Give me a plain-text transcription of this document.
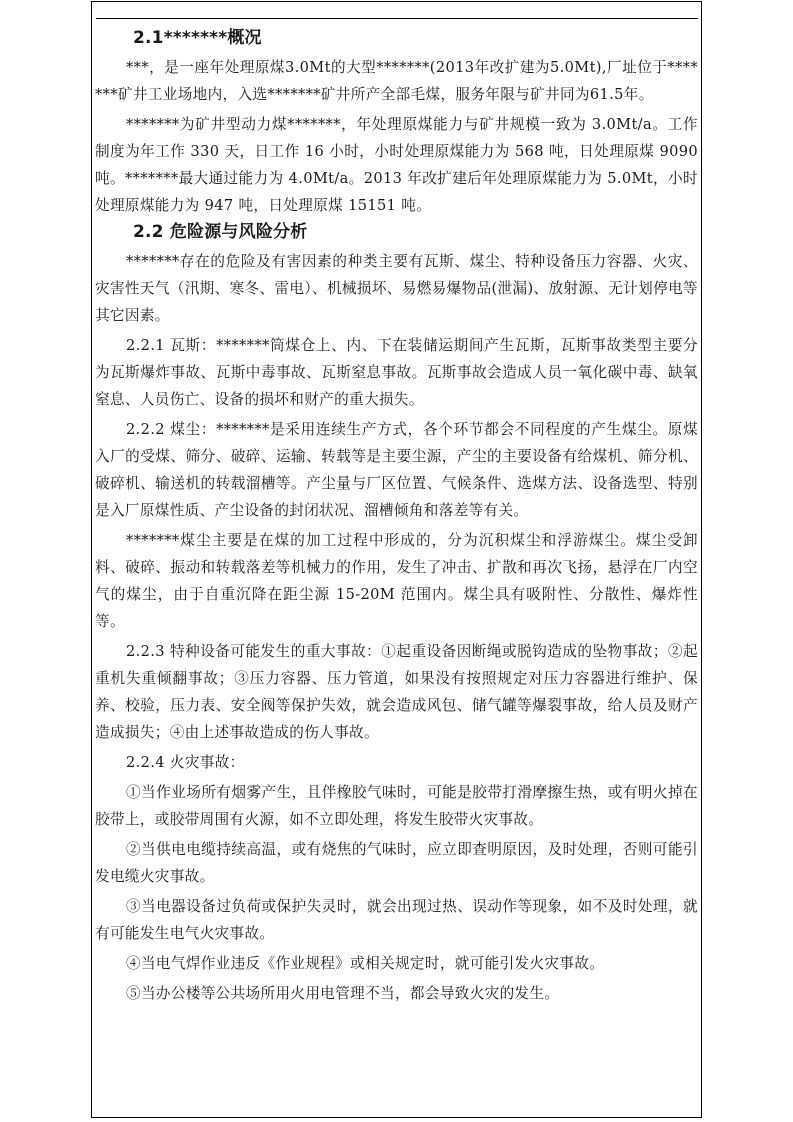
2.1*******概况

***，是一座年处理原煤3.0Mt的大型*******(2013年改扩建为5.0Mt),厂址位于*******矿井工业场地内，入选*******矿井所产全部毛煤，服务年限与矿井同为61.5年。

*******为矿井型动力煤*******，年处理原煤能力与矿井规模一致为 3.0Mt/a。工作制度为年工作 330 天，日工作 16 小时，小时处理原煤能力为 568 吨，日处理原煤 9090 吨。*******最大通过能力为 4.0Mt/a。2013 年改扩建后年处理原煤能力为 5.0Mt，小时处理原煤能力为 947 吨，日处理原煤 15151 吨。

2.2 危险源与风险分析

*******存在的危险及有害因素的种类主要有瓦斯、煤尘、特种设备压力容器、火灾、灾害性天气（汛期、寒冬、雷电）、机械损坏、易燃易爆物品(泄漏)、放射源、无计划停电等其它因素。

2.2.1 瓦斯：*******筒煤仓上、内、下在装储运期间产生瓦斯，瓦斯事故类型主要分为瓦斯爆炸事故、瓦斯中毒事故、瓦斯窒息事故。瓦斯事故会造成人员一氧化碳中毒、缺氧窒息、人员伤亡、设备的损坏和财产的重大损失。

2.2.2 煤尘：*******是采用连续生产方式，各个环节都会不同程度的产生煤尘。原煤入厂的受煤、筛分、破碎、运输、转载等是主要尘源，产尘的主要设备有给煤机、筛分机、破碎机、输送机的转载溜槽等。产尘量与厂区位置、气候条件、选煤方法、设备选型、特别是入厂原煤性质、产尘设备的封闭状况、溜槽倾角和落差等有关。

*******煤尘主要是在煤的加工过程中形成的，分为沉积煤尘和浮游煤尘。煤尘受卸料、破碎、振动和转载落差等机械力的作用，发生了冲击、扩散和再次飞扬，悬浮在厂内空气的煤尘，由于自重沉降在距尘源 15-20M 范围内。煤尘具有吸附性、分散性、爆炸性等。

2.2.3 特种设备可能发生的重大事故：①起重设备因断绳或脱钩造成的坠物事故；②起重机失重倾翻事故；③压力容器、压力管道，如果没有按照规定对压力容器进行维护、保养、校验，压力表、安全阀等保护失效，就会造成风包、储气罐等爆裂事故，给人员及财产造成损失；④由上述事故造成的伤人事故。

2.2.4 火灾事故：

①当作业场所有烟雾产生，且伴橡胶气味时，可能是胶带打滑摩擦生热，或有明火掉在胶带上，或胶带周围有火源，如不立即处理，将发生胶带火灾事故。

②当供电电缆持续高温，或有烧焦的气味时，应立即查明原因，及时处理，否则可能引发电缆火灾事故。

③当电器设备过负荷或保护失灵时，就会出现过热、误动作等现象，如不及时处理，就有可能发生电气火灾事故。

④当电气焊作业违反《作业规程》或相关规定时，就可能引发火灾事故。

⑤当办公楼等公共场所用火用电管理不当，都会导致火灾的发生。
